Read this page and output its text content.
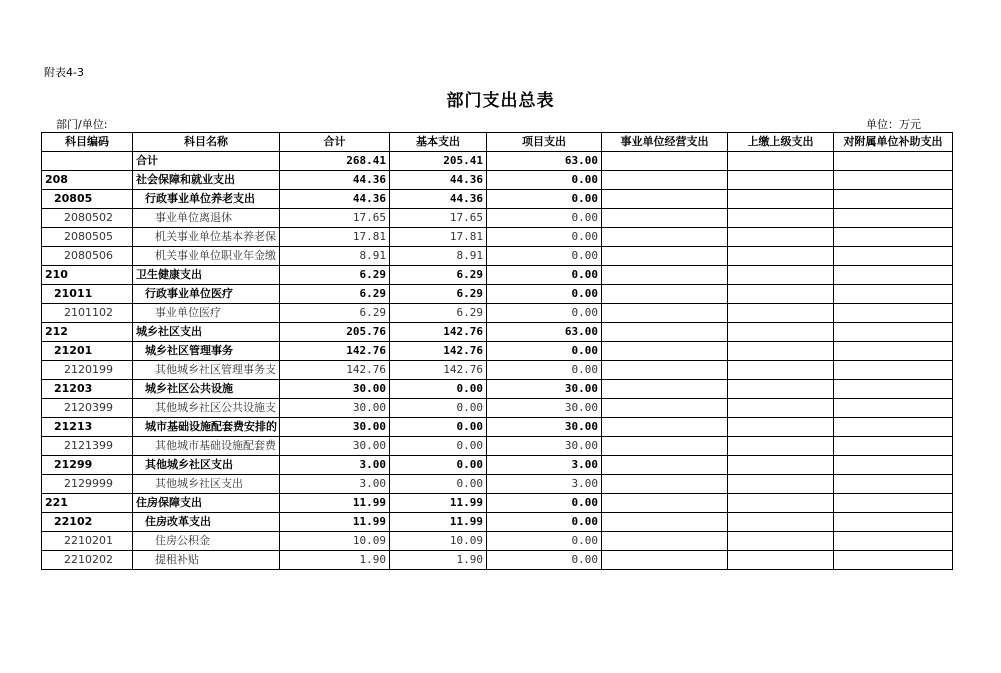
附表4-3
部门支出总表
部门/单位:	单位：万元
科目编码	科目名称	合计	基本支出	项目支出	事业单位经营支出	上缴上级支出	对附属单位补助支出
	合计	268.41	205.41	63.00			
208	社会保障和就业支出	44.36	44.36	0.00			
20805	行政事业单位养老支出	44.36	44.36	0.00			
2080502	事业单位离退休	17.65	17.65	0.00			
2080505	机关事业单位基本养老保	17.81	17.81	0.00			
2080506	机关事业单位职业年金缴	8.91	8.91	0.00			
210	卫生健康支出	6.29	6.29	0.00			
21011	行政事业单位医疗	6.29	6.29	0.00			
2101102	事业单位医疗	6.29	6.29	0.00			
212	城乡社区支出	205.76	142.76	63.00			
21201	城乡社区管理事务	142.76	142.76	0.00			
2120199	其他城乡社区管理事务支	142.76	142.76	0.00			
21203	城乡社区公共设施	30.00	0.00	30.00			
2120399	其他城乡社区公共设施支	30.00	0.00	30.00			
21213	城市基础设施配套费安排的	30.00	0.00	30.00			
2121399	其他城市基础设施配套费	30.00	0.00	30.00			
21299	其他城乡社区支出	3.00	0.00	3.00			
2129999	其他城乡社区支出	3.00	0.00	3.00			
221	住房保障支出	11.99	11.99	0.00			
22102	住房改革支出	11.99	11.99	0.00			
2210201	住房公积金	10.09	10.09	0.00			
2210202	提租补贴	1.90	1.90	0.00			
